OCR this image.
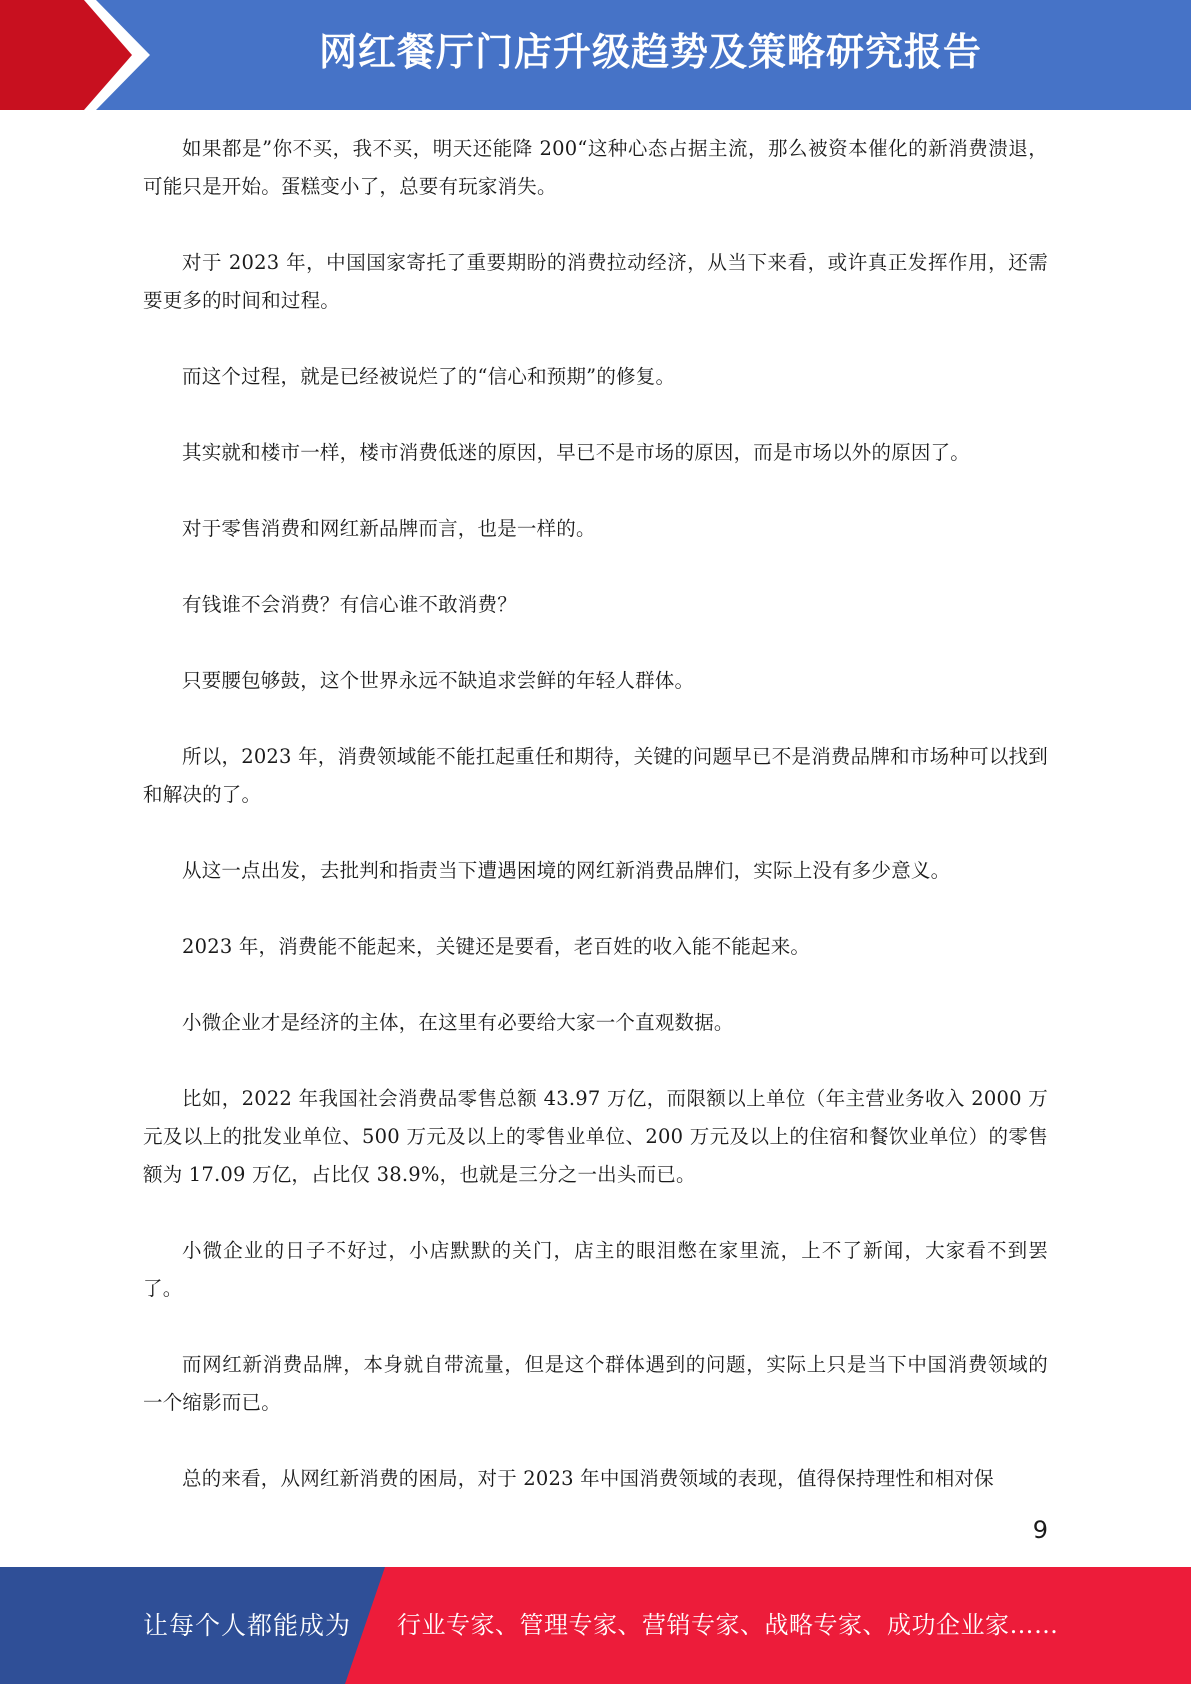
网红餐厅门店升级趋势及策略研究报告

如果都是”你不买，我不买，明天还能降 200“这种心态占据主流，那么被资本催化的新消费溃退，可能只是开始。蛋糕变小了，总要有玩家消失。

对于 2023 年，中国国家寄托了重要期盼的消费拉动经济，从当下来看，或许真正发挥作用，还需要更多的时间和过程。

而这个过程，就是已经被说烂了的“信心和预期”的修复。

其实就和楼市一样，楼市消费低迷的原因，早已不是市场的原因，而是市场以外的原因了。

对于零售消费和网红新品牌而言，也是一样的。

有钱谁不会消费？有信心谁不敢消费？

只要腰包够鼓，这个世界永远不缺追求尝鲜的年轻人群体。

所以，2023 年，消费领域能不能扛起重任和期待，关键的问题早已不是消费品牌和市场种可以找到和解决的了。

从这一点出发，去批判和指责当下遭遇困境的网红新消费品牌们，实际上没有多少意义。

2023 年，消费能不能起来，关键还是要看，老百姓的收入能不能起来。

小微企业才是经济的主体，在这里有必要给大家一个直观数据。

比如，2022 年我国社会消费品零售总额 43.97 万亿，而限额以上单位（年主营业务收入 2000 万元及以上的批发业单位、500 万元及以上的零售业单位、200 万元及以上的住宿和餐饮业单位）的零售额为 17.09 万亿，占比仅 38.9%，也就是三分之一出头而已。

小微企业的日子不好过，小店默默的关门，店主的眼泪憋在家里流，上不了新闻，大家看不到罢了。

而网红新消费品牌，本身就自带流量，但是这个群体遇到的问题，实际上只是当下中国消费领域的一个缩影而已。

总的来看，从网红新消费的困局，对于 2023 年中国消费领域的表现，值得保持理性和相对保

9
让每个人都能成为 行业专家、管理专家、营销专家、战略专家、成功企业家……
